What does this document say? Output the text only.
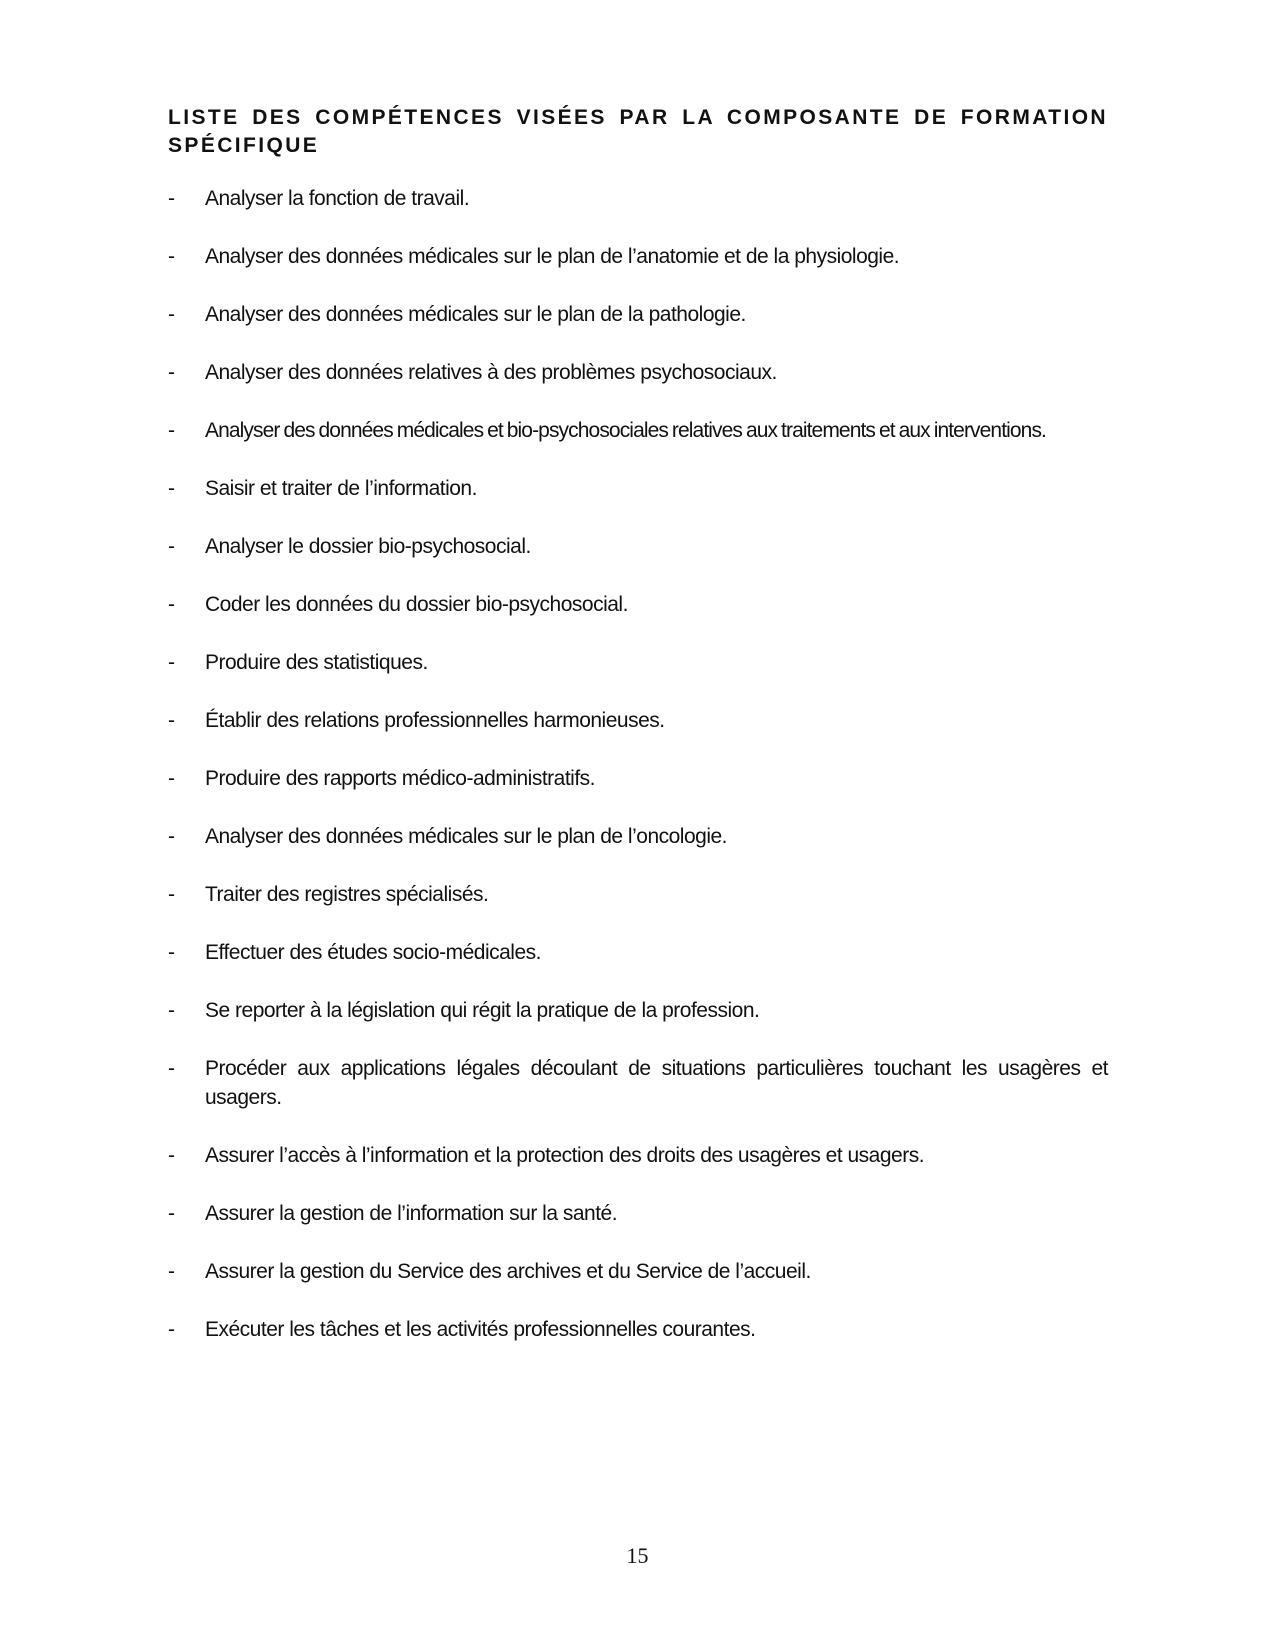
LISTE DES COMPÉTENCES VISÉES PAR LA COMPOSANTE DE FORMATION SPÉCIFIQUE
- Analyser la fonction de travail.
- Analyser des données médicales sur le plan de l’anatomie et de la physiologie.
- Analyser des données médicales sur le plan de la pathologie.
- Analyser des données relatives à des problèmes psychosociaux.
- Analyser des données médicales et bio-psychosociales relatives aux traitements et aux interventions.
- Saisir et traiter de l’information.
- Analyser le dossier bio-psychosocial.
- Coder les données du dossier bio-psychosocial.
- Produire des statistiques.
- Établir des relations professionnelles harmonieuses.
- Produire des rapports médico-administratifs.
- Analyser des données médicales sur le plan de l’oncologie.
- Traiter des registres spécialisés.
- Effectuer des études socio-médicales.
- Se reporter à la législation qui régit la pratique de la profession.
- Procéder aux applications légales découlant de situations particulières touchant les usagères et usagers.
- Assurer l’accès à l’information et la protection des droits des usagères et usagers.
- Assurer la gestion de l’information sur la santé.
- Assurer la gestion du Service des archives et du Service de l’accueil.
- Exécuter les tâches et les activités professionnelles courantes.
15
